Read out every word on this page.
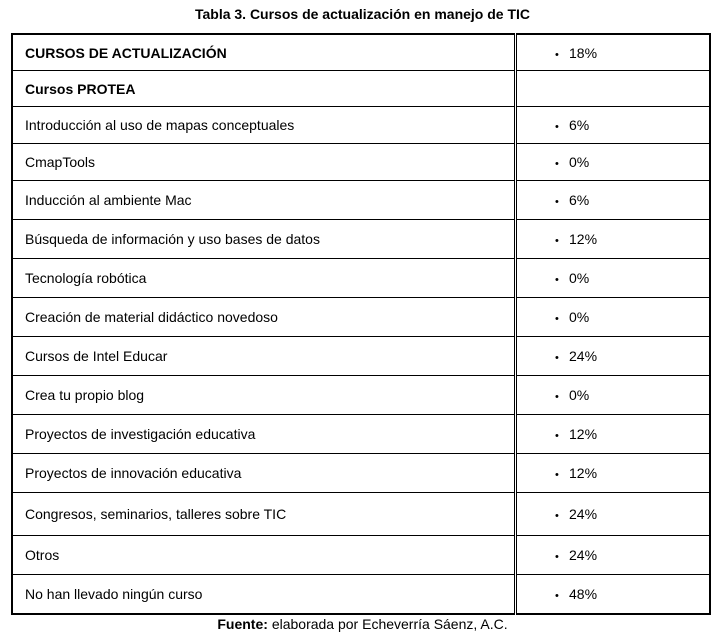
Tabla 3. Cursos de actualización en manejo de TIC
CURSOS DE ACTUALIZACIÓN	• 18%
Cursos PROTEA	
Introducción al uso de mapas conceptuales	• 6%
CmapTools	• 0%
Inducción al ambiente Mac	• 6%
Búsqueda de información y uso bases de datos	• 12%
Tecnología robótica	• 0%
Creación de material didáctico novedoso	• 0%
Cursos de Intel Educar	• 24%
Crea tu propio blog	• 0%
Proyectos de investigación educativa	• 12%
Proyectos de innovación educativa	• 12%
Congresos, seminarios, talleres sobre TIC	• 24%
Otros	• 24%
No han llevado ningún curso	• 48%
Fuente: elaborada por Echeverría Sáenz, A.C.
